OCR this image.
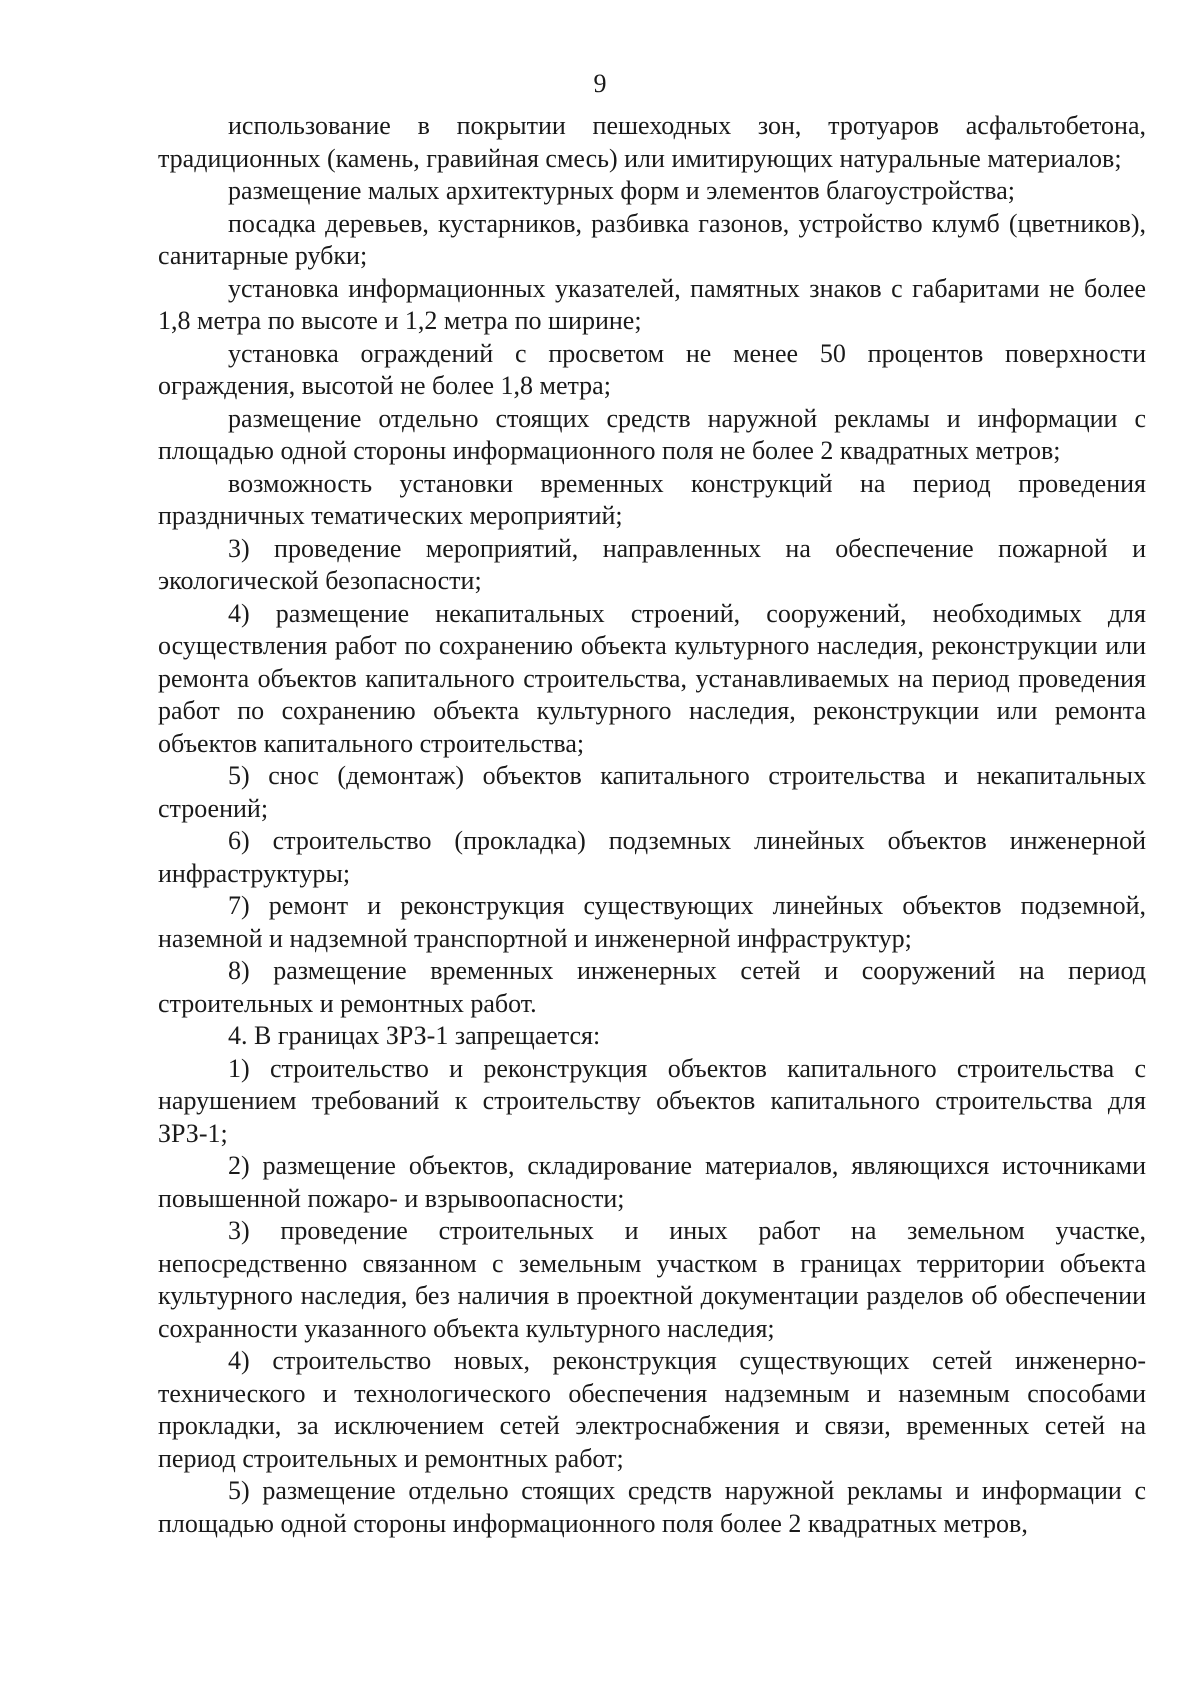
9

использование в покрытии пешеходных зон, тротуаров асфальтобетона, традиционных (камень, гравийная смесь) или имитирующих натуральные материалов;

размещение малых архитектурных форм и элементов благоустройства;

посадка деревьев, кустарников, разбивка газонов, устройство клумб (цветников), санитарные рубки;

установка информационных указателей, памятных знаков с габаритами не более 1,8 метра по высоте и 1,2 метра по ширине;

установка ограждений с просветом не менее 50 процентов поверхности ограждения, высотой не более 1,8 метра;

размещение отдельно стоящих средств наружной рекламы и информации с площадью одной стороны информационного поля не более 2 квадратных метров;

возможность установки временных конструкций на период проведения праздничных тематических мероприятий;

3) проведение мероприятий, направленных на обеспечение пожарной и экологической безопасности;

4) размещение некапитальных строений, сооружений, необходимых для осуществления работ по сохранению объекта культурного наследия, реконструкции или ремонта объектов капитального строительства, устанавливаемых на период проведения работ по сохранению объекта культурного наследия, реконструкции или ремонта объектов капитального строительства;

5) снос (демонтаж) объектов капитального строительства и некапитальных строений;

6) строительство (прокладка) подземных линейных объектов инженерной инфраструктуры;

7) ремонт и реконструкция существующих линейных объектов подземной, наземной и надземной транспортной и инженерной инфраструктур;

8) размещение временных инженерных сетей и сооружений на период строительных и ремонтных работ.

4. В границах ЗРЗ-1 запрещается:

1) строительство и реконструкция объектов капитального строительства с нарушением требований к строительству объектов капитального строительства для ЗРЗ-1;

2) размещение объектов, складирование материалов, являющихся источниками повышенной пожаро- и взрывоопасности;

3) проведение строительных и иных работ на земельном участке, непосредственно связанном с земельным участком в границах территории объекта культурного наследия, без наличия в проектной документации разделов об обеспечении сохранности указанного объекта культурного наследия;

4) строительство новых, реконструкция существующих сетей инженерно-технического и технологического обеспечения надземным и наземным способами прокладки, за исключением сетей электроснабжения и связи, временных сетей на период строительных и ремонтных работ;

5) размещение отдельно стоящих средств наружной рекламы и информации с площадью одной стороны информационного поля более 2 квадратных метров,
